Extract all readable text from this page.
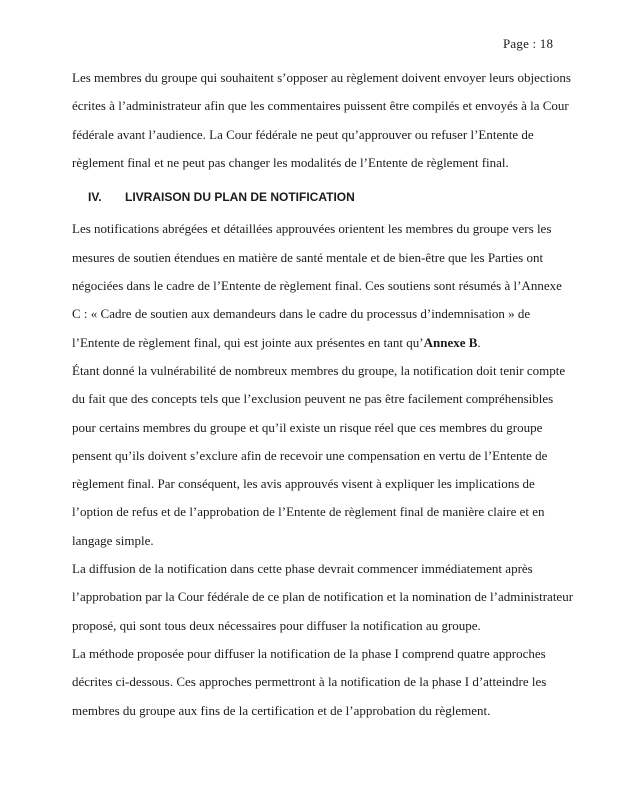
Page : 18
Les membres du groupe qui souhaitent s’opposer au règlement doivent envoyer leurs objections
écrites à l’administrateur afin que les commentaires puissent être compilés et envoyés à la Cour
fédérale avant l’audience. La Cour fédérale ne peut qu’approuver ou refuser l’Entente de
règlement final et ne peut pas changer les modalités de l’Entente de règlement final.
IV. LIVRAISON DU PLAN DE NOTIFICATION
Les notifications abrégées et détaillées approuvées orientent les membres du groupe vers les
mesures de soutien étendues en matière de santé mentale et de bien-être que les Parties ont
négociées dans le cadre de l’Entente de règlement final. Ces soutiens sont résumés à l’Annexe
C : « Cadre de soutien aux demandeurs dans le cadre du processus d’indemnisation » de
l’Entente de règlement final, qui est jointe aux présentes en tant qu’Annexe B.
Étant donné la vulnérabilité de nombreux membres du groupe, la notification doit tenir compte
du fait que des concepts tels que l’exclusion peuvent ne pas être facilement compréhensibles
pour certains membres du groupe et qu’il existe un risque réel que ces membres du groupe
pensent qu’ils doivent s’exclure afin de recevoir une compensation en vertu de l’Entente de
règlement final. Par conséquent, les avis approuvés visent à expliquer les implications de
l’option de refus et de l’approbation de l’Entente de règlement final de manière claire et en
langage simple.
La diffusion de la notification dans cette phase devrait commencer immédiatement après
l’approbation par la Cour fédérale de ce plan de notification et la nomination de l’administrateur
proposé, qui sont tous deux nécessaires pour diffuser la notification au groupe.
La méthode proposée pour diffuser la notification de la phase I comprend quatre approches
décrites ci-dessous. Ces approches permettront à la notification de la phase I d’atteindre les
membres du groupe aux fins de la certification et de l’approbation du règlement.
